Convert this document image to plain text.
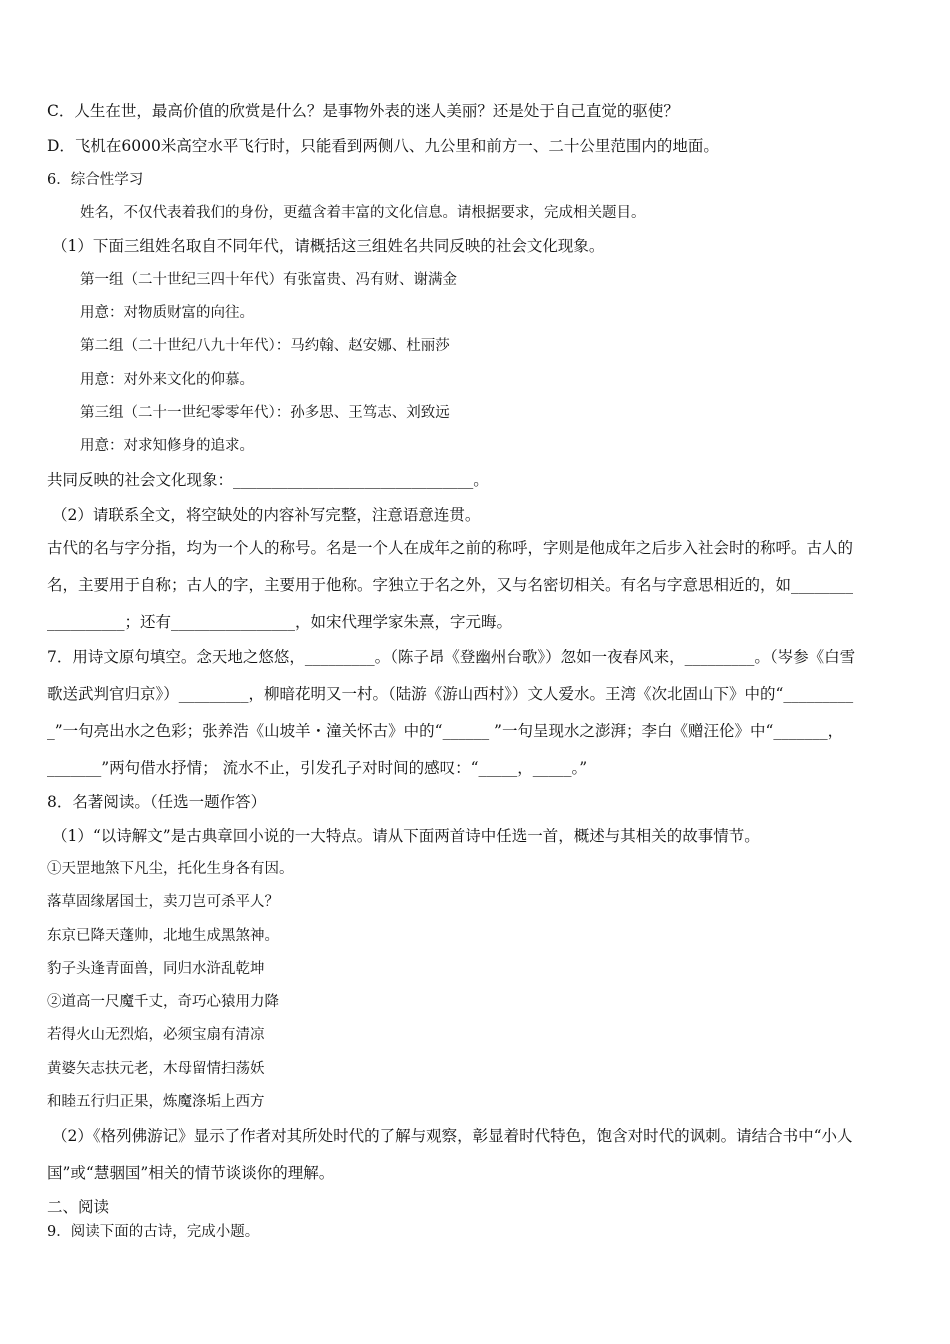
C．人生在世，最高价值的欣赏是什么？是事物外表的迷人美丽？还是处于自己直觉的驱使？
D．飞机在6000米高空水平飞行时，只能看到两侧八、九公里和前方一、二十公里范围内的地面。
6．综合性学习
姓名，不仅代表着我们的身份，更蕴含着丰富的文化信息。请根据要求，完成相关题目。
（1）下面三组姓名取自不同年代，请概括这三组姓名共同反映的社会文化现象。
第一组（二十世纪三四十年代）有张富贵、冯有财、谢满金
用意：对物质财富的向往。
第二组（二十世纪八九十年代）：马约翰、赵安娜、杜丽莎
用意：对外来文化的仰慕。
第三组（二十一世纪零零年代）：孙多思、王笃志、刘致远
用意：对求知修身的追求。
共同反映的社会文化现象：_______________________________。
（2）请联系全文，将空缺处的内容补写完整，注意语意连贯。
古代的名与字分指，均为一个人的称号。名是一个人在成年之前的称呼，字则是他成年之后步入社会时的称呼。古人的
名，主要用于自称；古人的字，主要用于他称。字独立于名之外，又与名密切相关。有名与字意思相近的，如________
__________；还有________________，如宋代理学家朱熹，字元晦。
7．用诗文原句填空。念天地之悠悠，_________。（陈子昂《登幽州台歌》）忽如一夜春风来，_________。（岑参《白雪
歌送武判官归京》）_________，柳暗花明又一村。（陆游《游山西村》）文人爱水。王湾《次北固山下》中的“_________
_”一句亮出水之色彩；张养浩《山坡羊・潼关怀古》中的“______ ”一句呈现水之澎湃；李白《赠汪伦》中“_______，
_______”两句借水抒情； 流水不止，引发孔子对时间的感叹：“_____，_____。”
8．名著阅读。（任选一题作答）
（1）“以诗解文”是古典章回小说的一大特点。请从下面两首诗中任选一首，概述与其相关的故事情节。
①天罡地煞下凡尘，托化生身各有因。
落草固缘屠国士，卖刀岂可杀平人？
东京已降天蓬帅，北地生成黑煞神。
豹子头逢青面兽，同归水浒乱乾坤
②道高一尺魔千丈，奇巧心猿用力降
若得火山无烈焰，必须宝扇有清凉
黄婆矢志扶元老，木母留情扫荡妖
和睦五行归正果，炼魔涤垢上西方
（2）《格列佛游记》显示了作者对其所处时代的了解与观察，彰显着时代特色，饱含对时代的讽刺。请结合书中“小人
国”或“慧骃国”相关的情节谈谈你的理解。
二、阅读
9．阅读下面的古诗，完成小题。
